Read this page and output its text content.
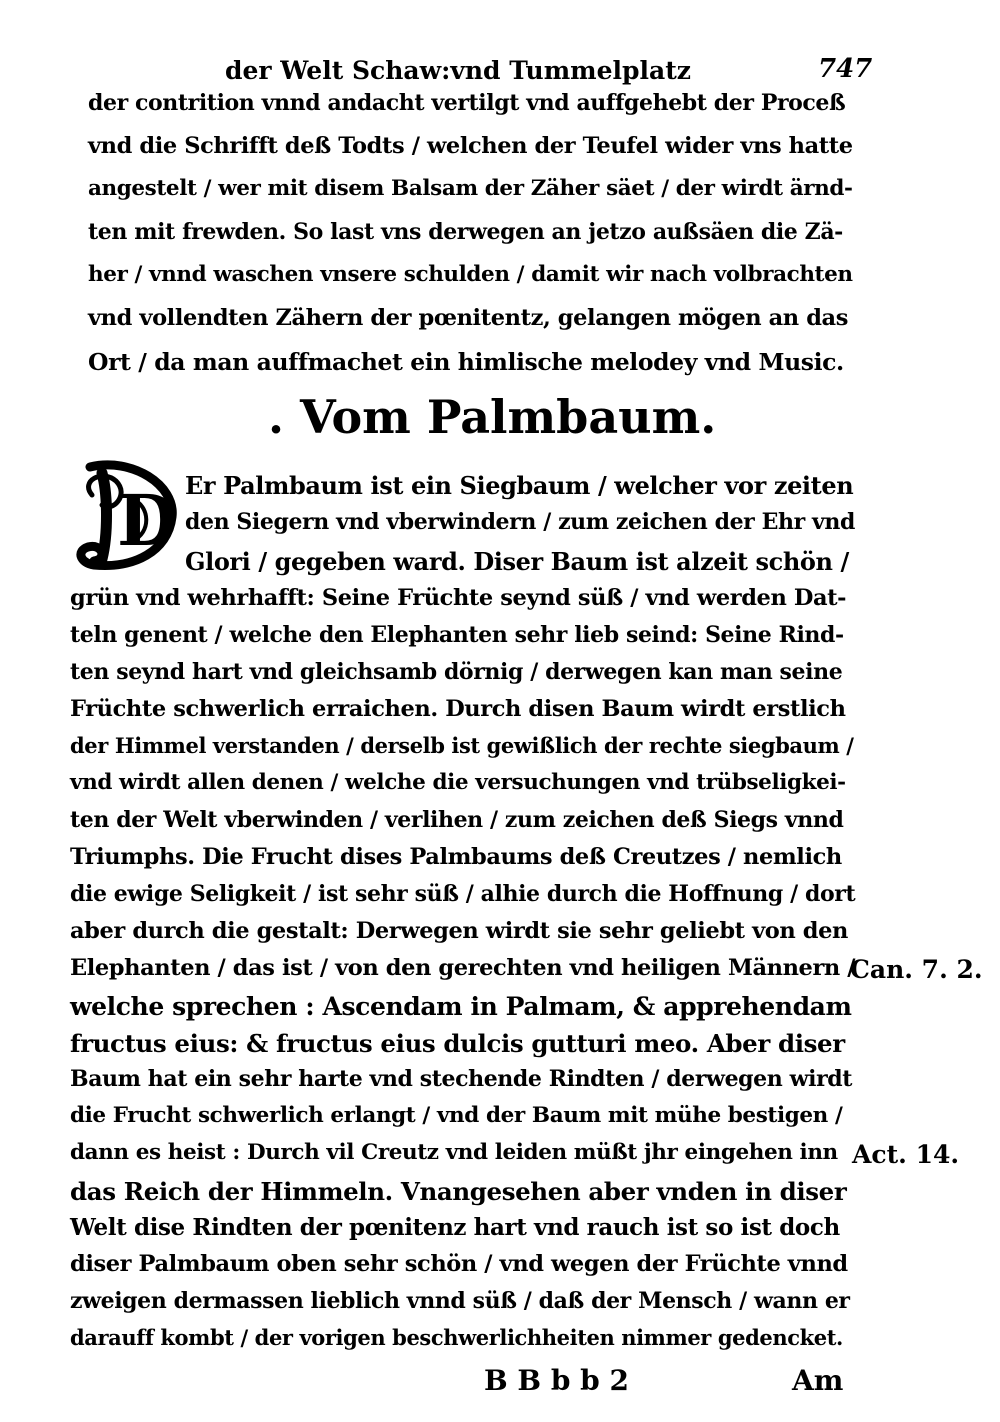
der Welt Schaw:vnd Tummelplatz	747
der contrition vnnd andacht vertilgt vnd auffgehebt der Proceß
vnd die Schrifft deß Todts / welchen der Teufel wider vns hatte
angestelt / wer mit disem Balsam der Zäher säet / der wirdt ärnd-
ten mit frewden. So last vns derwegen an jetzo außsäen die Zä-
her / vnnd waschen vnsere schulden / damit wir nach volbrachten
vnd vollendten Zähern der pœnitentz, gelangen mögen an das
Ort / da man auffmachet ein himlische melodey vnd Music.
. Vom Palmbaum.
D Er Palmbaum ist ein Siegbaum / welcher vor zeiten
den Siegern vnd vberwindern / zum zeichen der Ehr vnd
Glori / gegeben ward. Diser Baum ist alzeit schön /
grün vnd wehrhafft: Seine Früchte seynd süß / vnd werden Dat-
teln genent / welche den Elephanten sehr lieb seind: Seine Rind-
ten seynd hart vnd gleichsamb dörnig / derwegen kan man seine
Früchte schwerlich erraichen. Durch disen Baum wirdt erstlich
der Himmel verstanden / derselb ist gewißlich der rechte siegbaum /
vnd wirdt allen denen / welche die versuchungen vnd trübseligkei-
ten der Welt vberwinden / verlihen / zum zeichen deß Siegs vnnd
Triumphs. Die Frucht dises Palmbaums deß Creutzes / nemlich
die ewige Seligkeit / ist sehr süß / alhie durch die Hoffnung / dort
aber durch die gestalt: Derwegen wirdt sie sehr geliebt von den
Elephanten / das ist / von den gerechten vnd heiligen Männern /
welche sprechen : Ascendam in Palmam, & apprehendam
fructus eius: & fructus eius dulcis gutturi meo. Aber diser
Baum hat ein sehr harte vnd stechende Rindten / derwegen wirdt
die Frucht schwerlich erlangt / vnd der Baum mit mühe bestigen /
dann es heist : Durch vil Creutz vnd leiden müßt jhr eingehen inn
das Reich der Himmeln. Vnangesehen aber vnden in diser
Welt dise Rindten der pœnitenz hart vnd rauch ist so ist doch
diser Palmbaum oben sehr schön / vnd wegen der Früchte vnnd
zweigen dermassen lieblich vnnd süß / daß der Mensch / wann er
darauff kombt / der vorigen beschwerlichheiten nimmer gedencket.
Can. 7. 2.
Act. 14.
B B b b 2	Am
